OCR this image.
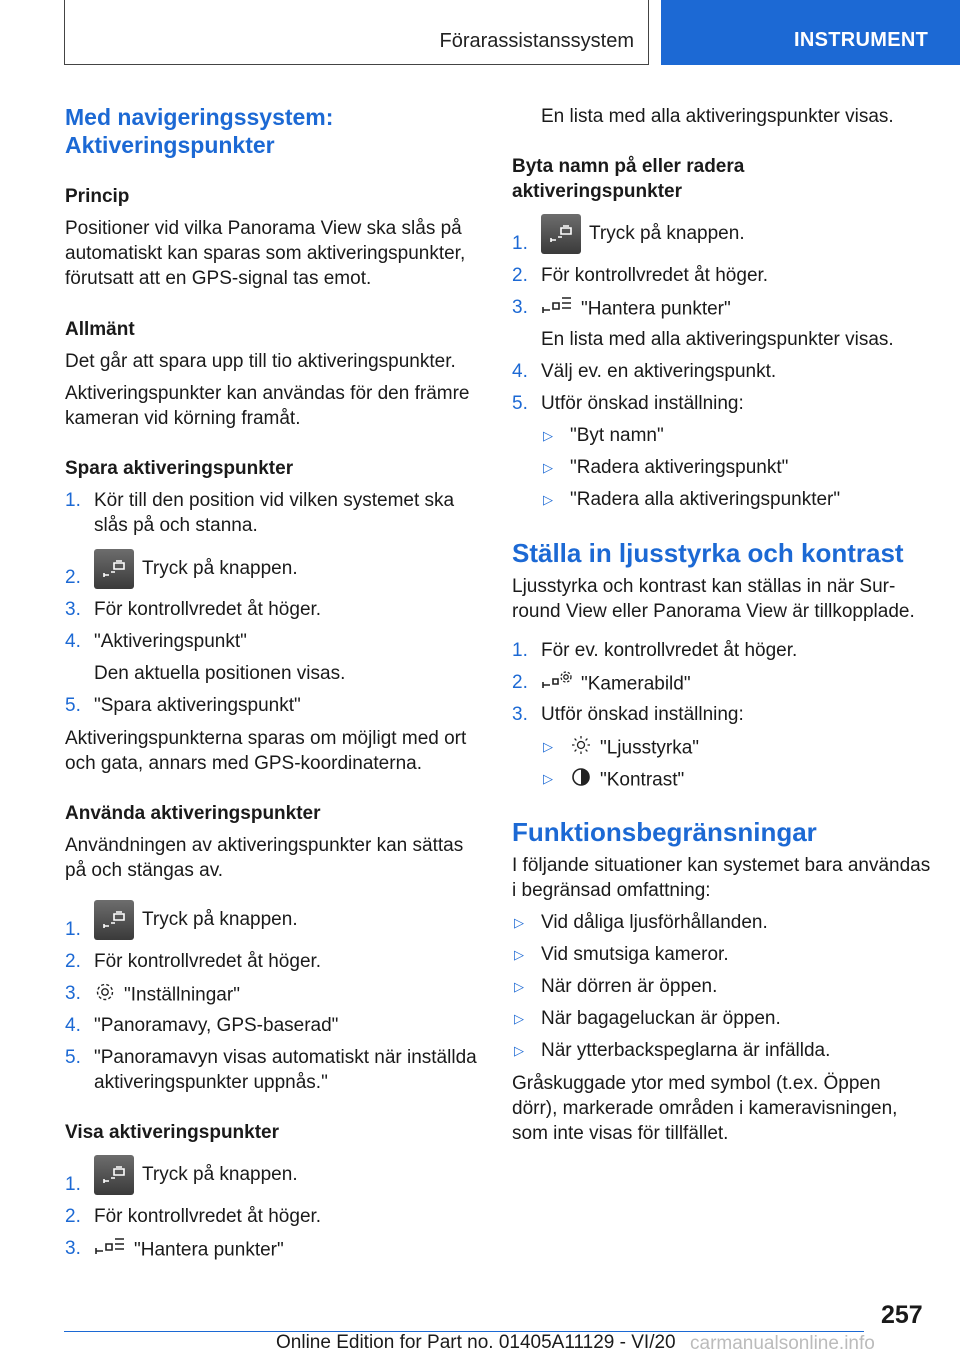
Förarassistanssystem	INSTRUMENT
Med navigeringssystem:
Aktiveringspunkter
Princip
Positioner vid vilka Panorama View ska slås på
automatiskt kan sparas som aktiveringspunkter,
förutsatt att en GPS-signal tas emot.
Allmänt
Det går att spara upp till tio aktiveringspunkter.
Aktiveringspunkter kan användas för den främre
kameran vid körning framåt.
Spara aktiveringspunkter
1. Kör till den position vid vilken systemet ska
slås på och stanna.
2.	Tryck på knappen.
3. För kontrollvredet åt höger.
4. "Aktiveringspunkt"
Den aktuella positionen visas.
5. "Spara aktiveringspunkt"
Aktiveringspunkterna sparas om möjligt med ort
och gata, annars med GPS-koordinaterna.
Använda aktiveringspunkter
Användningen av aktiveringspunkter kan sättas
på och stängas av.
1.	Tryck på knappen.
2. För kontrollvredet åt höger.
3.	"Inställningar"
4. "Panoramavy, GPS-baserad"
5. "Panoramavyn visas automatiskt när inställda
aktiveringspunkter uppnås."
Visa aktiveringspunkter
1.	Tryck på knappen.
2. För kontrollvredet åt höger.
3.	"Hantera punkter"
En lista med alla aktiveringspunkter visas.
Byta namn på eller radera
aktiveringspunkter
1.	Tryck på knappen.
2. För kontrollvredet åt höger.
3.	"Hantera punkter"
En lista med alla aktiveringspunkter visas.
4. Välj ev. en aktiveringspunkt.
5. Utför önskad inställning:
▷ "Byt namn"
▷ "Radera aktiveringspunkt"
▷ "Radera alla aktiveringspunkter"
Ställa in ljusstyrka och kontrast
Ljusstyrka och kontrast kan ställas in när Sur‐
round View eller Panorama View är tillkopplade.
1. För ev. kontrollvredet åt höger.
2.	"Kamerabild"
3. Utför önskad inställning:
▷	"Ljusstyrka"
▷	"Kontrast"
Funktionsbegränsningar
I följande situationer kan systemet bara användas
i begränsad omfattning:
▷ Vid dåliga ljusförhållanden.
▷ Vid smutsiga kameror.
▷ När dörren är öppen.
▷ När bagageluckan är öppen.
▷ När ytterbackspeglarna är infällda.
Gråskuggade ytor med symbol (t.ex. Öppen
dörr), markerade områden i kameravisningen,
som inte visas för tillfället.
257
Online Edition for Part no. 01405A11129 - VI/20 carmanualsonline.info
